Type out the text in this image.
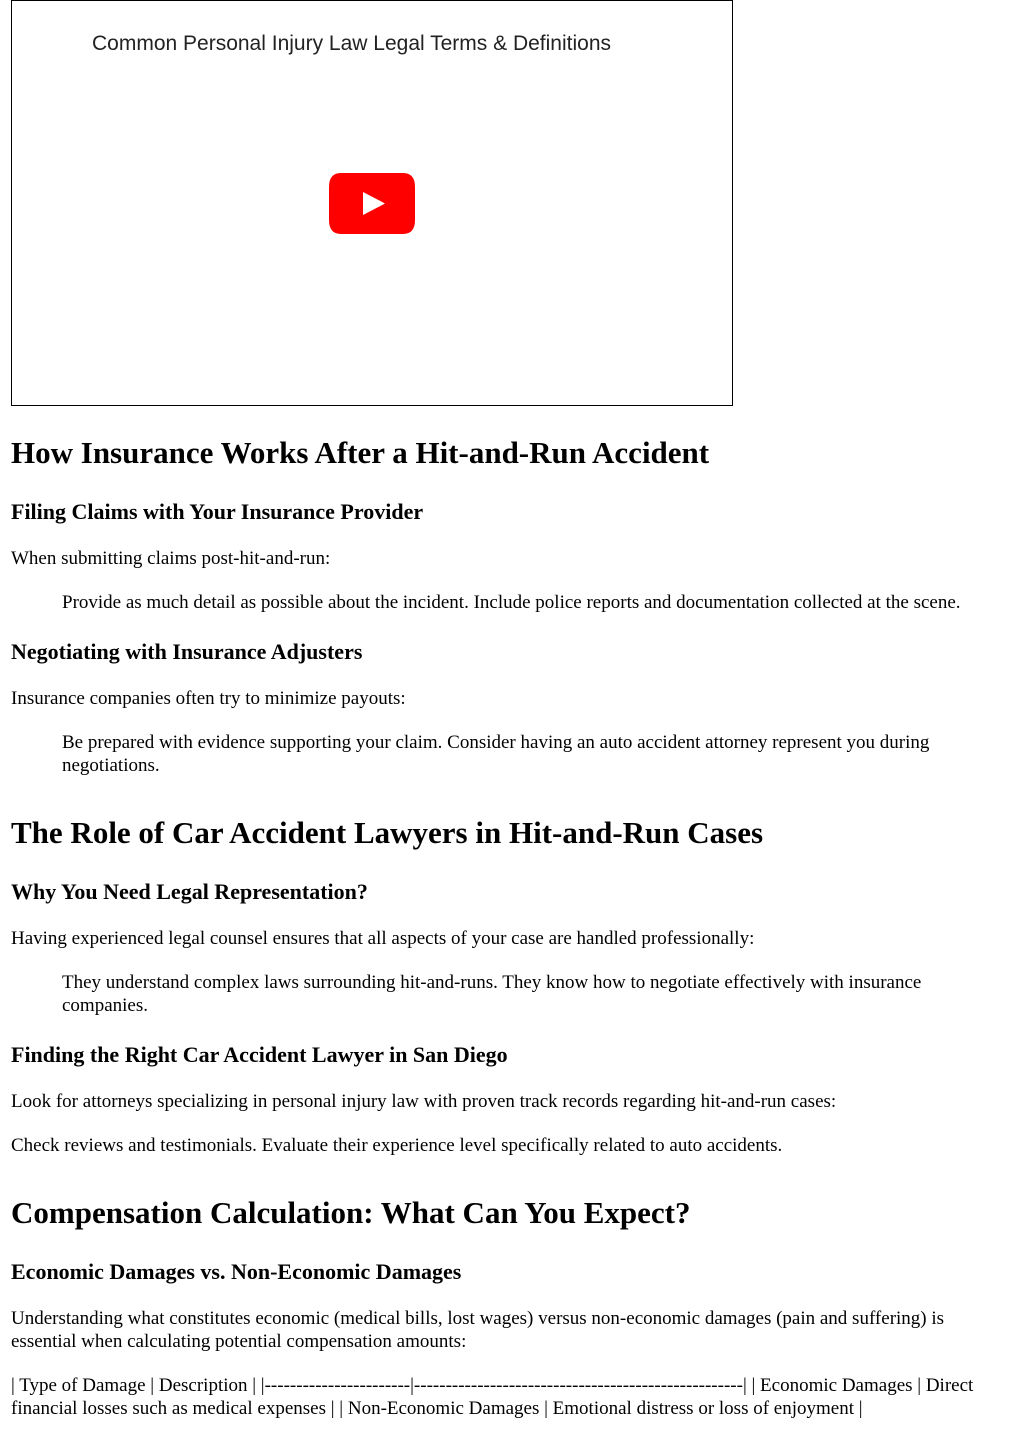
Common Personal Injury Law Legal Terms & Definitions
How Insurance Works After a Hit-and-Run Accident
Filing Claims with Your Insurance Provider

When submitting claims post-hit-and-run:

Provide as much detail as possible about the incident. Include police reports and documentation collected at the scene.
Negotiating with Insurance Adjusters

Insurance companies often try to minimize payouts:

Be prepared with evidence supporting your claim. Consider having an auto accident attorney represent you during negotiations.
The Role of Car Accident Lawyers in Hit-and-Run Cases
Why You Need Legal Representation?

Having experienced legal counsel ensures that all aspects of your case are handled professionally:

They understand complex laws surrounding hit-and-runs. They know how to negotiate effectively with insurance companies.
Finding the Right Car Accident Lawyer in San Diego

Look for attorneys specializing in personal injury law with proven track records regarding hit-and-run cases:

Check reviews and testimonials. Evaluate their experience level specifically related to auto accidents.

Compensation Calculation: What Can You Expect?
Economic Damages vs. Non-Economic Damages

Understanding what constitutes economic (medical bills, lost wages) versus non-economic damages (pain and suffering) is essential when calculating potential compensation amounts:

| Type of Damage | Description | |-----------------------|----------------------------------------------------| | Economic Damages | Direct financial losses such as medical expenses | | Non-Economic Damages | Emotional distress or loss of enjoyment |
